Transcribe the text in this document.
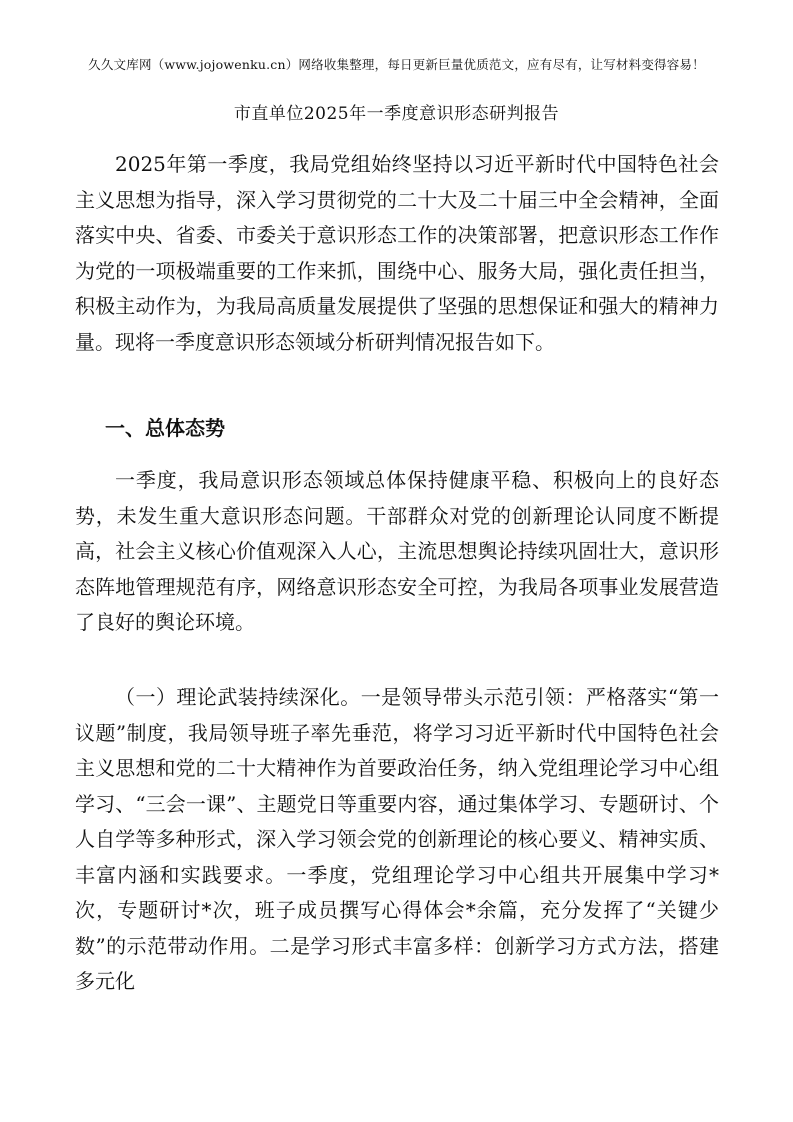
久久文库网（www.jojowenku.cn）网络收集整理，每日更新巨量优质范文，应有尽有，让写材料变得容易！
市直单位2025年一季度意识形态研判报告

2025年第一季度，我局党组始终坚持以习近平新时代中国特色社会主义思想为指导，深入学习贯彻党的二十大及二十届三中全会精神，全面落实中央、省委、市委关于意识形态工作的决策部署，把意识形态工作作为党的一项极端重要的工作来抓，围绕中心、服务大局，强化责任担当，积极主动作为，为我局高质量发展提供了坚强的思想保证和强大的精神力量。现将一季度意识形态领域分析研判情况报告如下。

一、总体态势

一季度，我局意识形态领域总体保持健康平稳、积极向上的良好态势，未发生重大意识形态问题。干部群众对党的创新理论认同度不断提高，社会主义核心价值观深入人心，主流思想舆论持续巩固壮大，意识形态阵地管理规范有序，网络意识形态安全可控，为我局各项事业发展营造了良好的舆论环境。

（一）理论武装持续深化。一是领导带头示范引领：严格落实“第一议题”制度，我局领导班子率先垂范，将学习习近平新时代中国特色社会主义思想和党的二十大精神作为首要政治任务，纳入党组理论学习中心组学习、“三会一课”、主题党日等重要内容，通过集体学习、专题研讨、个人自学等多种形式，深入学习领会党的创新理论的核心要义、精神实质、丰富内涵和实践要求。一季度，党组理论学习中心组共开展集中学习*次，专题研讨*次，班子成员撰写心得体会*余篇，充分发挥了“关键少数”的示范带动作用。二是学习形式丰富多样：创新学习方式方法，搭建多元化
